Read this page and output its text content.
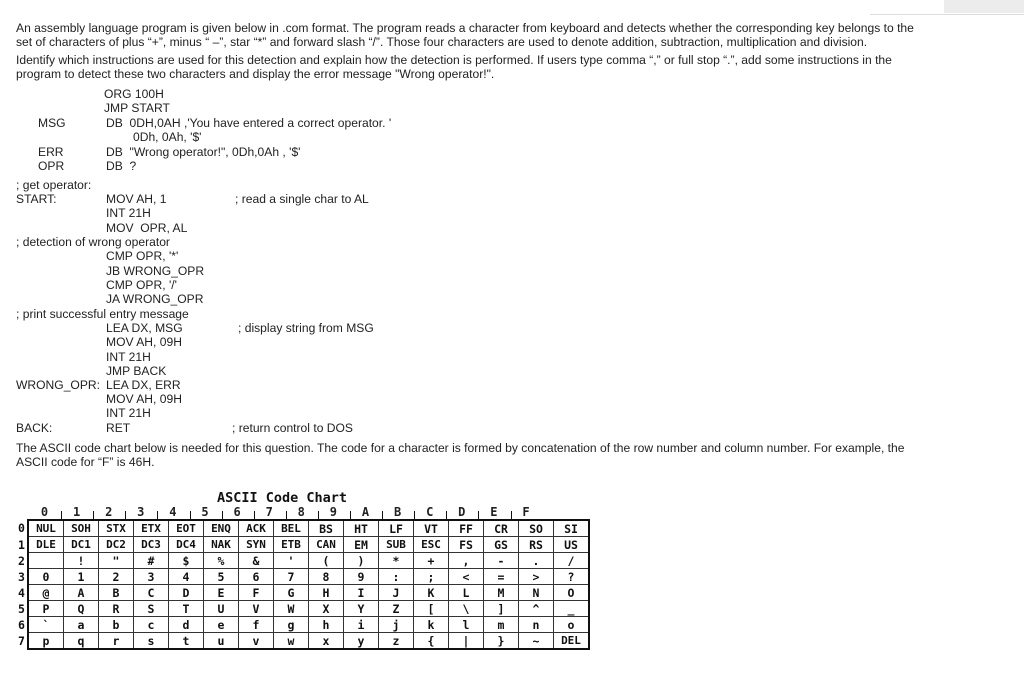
An assembly language program is given below in .com format. The program reads a character from keyboard and detects whether the corresponding key belongs to the
set of characters of plus “+”, minus “ –”, star “*” and forward slash “/”. Those four characters are used to denote addition, subtraction, multiplication and division.
Identify which instructions are used for this detection and explain how the detection is performed. If users type comma “,” or full stop “.”, add some instructions in the
program to detect these two characters and display the error message "Wrong operator!".
ORG 100H
JMP START
MSG	DB  0DH,0AH ,'You have entered a correct operator. '
0Dh, 0Ah, '$'
ERR	DB  "Wrong operator!", 0Dh,0Ah , '$'
OPR	DB  ?
; get operator:
START:	MOV AH, 1	; read a single char to AL
INT 21H
MOV  OPR, AL
; detection of wrong operator
CMP OPR, '*'
JB WRONG_OPR
CMP OPR, '/'
JA WRONG_OPR
; print successful entry message
LEA DX, MSG	; display string from MSG
MOV AH, 09H
INT 21H
JMP BACK
WRONG_OPR: LEA DX, ERR
MOV AH, 09H
INT 21H
BACK:	RET	; return control to DOS
The ASCII code chart below is needed for this question. The code for a character is formed by concatenation of the row number and column number. For example, the
ASCII code for “F” is 46H.
ASCII Code Chart
0	1	2	3	4	5	6	7	8	9	A	B	C	D	E	F
0	NUL	SOH	STX	ETX	EOT	ENQ	ACK	BEL	BS	HT	LF	VT	FF	CR	SO	SI
1	DLE	DC1	DC2	DC3	DC4	NAK	SYN	ETB	CAN	EM	SUB	ESC	FS	GS	RS	US
2		!	"	#	$	%	&	'	(	)	*	+	,	-	.	/
3	0	1	2	3	4	5	6	7	8	9	:	;	<	=	>	?
4	@	A	B	C	D	E	F	G	H	I	J	K	L	M	N	O
5	P	Q	R	S	T	U	V	W	X	Y	Z	[	\	]	^	_
6	`	a	b	c	d	e	f	g	h	i	j	k	l	m	n	o
7	p	q	r	s	t	u	v	w	x	y	z	{	|	}	~	DEL
